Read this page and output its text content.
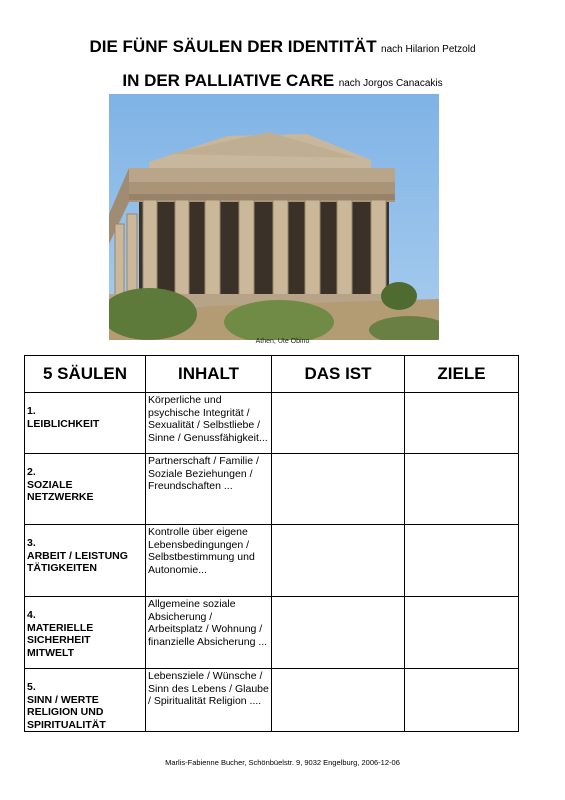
DIE FÜNF SÄULEN DER IDENTITÄT nach Hilarion Petzold
IN DER PALLIATIVE CARE nach Jorgos Canacakis
Athen, Ute Obino
5 SÄULEN	INHALT	DAS IST	ZIELE
1.LEIBLICHKEIT	Körperliche und psychische Integrität / Sexualität / Selbstliebe / Sinne / Genussfähigkeit...		
2.SOZIALE NETZWERKE	Partnerschaft / Familie / Soziale Beziehungen / Freundschaften ...		
3.ARBEIT / LEISTUNG TÄTIGKEITEN	Kontrolle über eigene Lebensbedingungen / Selbstbestimmung und Autonomie...		
4.MATERIELLE SICHERHEIT MITWELT	Allgemeine soziale Absicherung / Arbeitsplatz / Wohnung / finanzielle Absicherung ...		
5.SINN / WERTE RELIGION UND SPIRITUALITÄT	Lebensziele / Wünsche / Sinn des Lebens / Glaube / Spiritualität Religion ....		
Marlis-Fabienne Bucher, Schönbüelstr. 9, 9032 Engelburg, 2006-12-06
